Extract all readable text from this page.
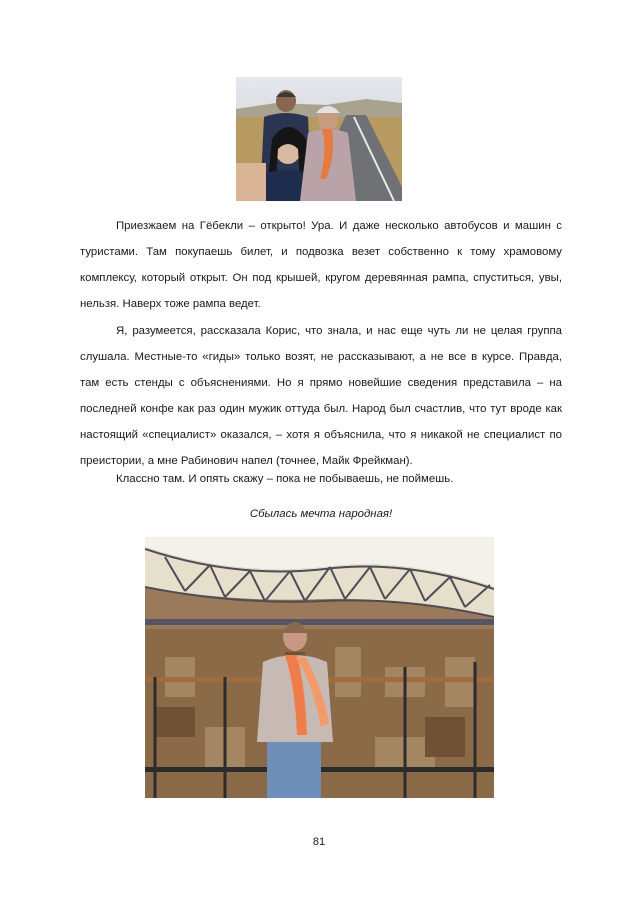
Приезжаем на Гёбекли – открыто! Ура. И даже несколько автобусов и машин с туристами. Там покупаешь билет, и подвозка везет собственно к тому храмовому комплексу, который открыт. Он под крышей, кругом деревянная рампа, спуститься, увы, нельзя. Наверх тоже рампа ведет.

Я, разумеется, рассказала Корис, что знала, и нас еще чуть ли не целая группа слушала. Местные-то «гиды» только возят, не рассказывают, а не все в курсе. Правда, там есть стенды с объяснениями. Но я прямо новейшие сведения представила – на последней конфе как раз один мужик оттуда был. Народ был счастлив, что тут вроде как настоящий «специалист» оказался, – хотя я объяснила, что я никакой не специалист по преистории, а мне Рабинович напел (точнее, Майк Фрейкман).

Классно там. И опять скажу – пока не побываешь, не поймешь.

Сбылась мечта народная!

81
